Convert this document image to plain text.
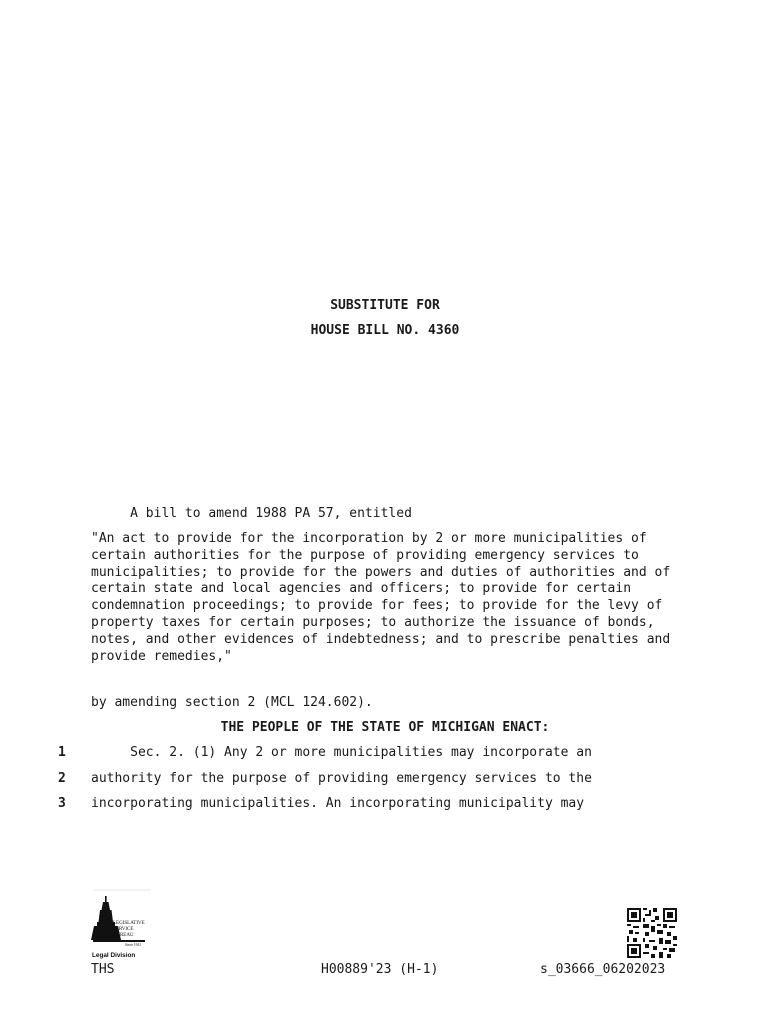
SUBSTITUTE FOR
HOUSE BILL NO. 4360
A bill to amend 1988 PA 57, entitled
"An act to provide for the incorporation by 2 or more municipalities of certain authorities for the purpose of providing emergency services to municipalities; to provide for the powers and duties of authorities and of certain state and local agencies and officers; to provide for certain condemnation proceedings; to provide for fees; to provide for the levy of property taxes for certain purposes; to authorize the issuance of bonds, notes, and other evidences of indebtedness; and to prescribe penalties and provide remedies,"
by amending section 2 (MCL 124.602).
THE PEOPLE OF THE STATE OF MICHIGAN ENACT:
1 Sec. 2. (1) Any 2 or more municipalities may incorporate an
2 authority for the purpose of providing emergency services to the
3 incorporating municipalities. An incorporating municipality may
LEGISLATIVE
SERVICE
BUREAU
Since 1941
Legal Division
THS	H00889'23 (H-1)	s_03666_06202023
